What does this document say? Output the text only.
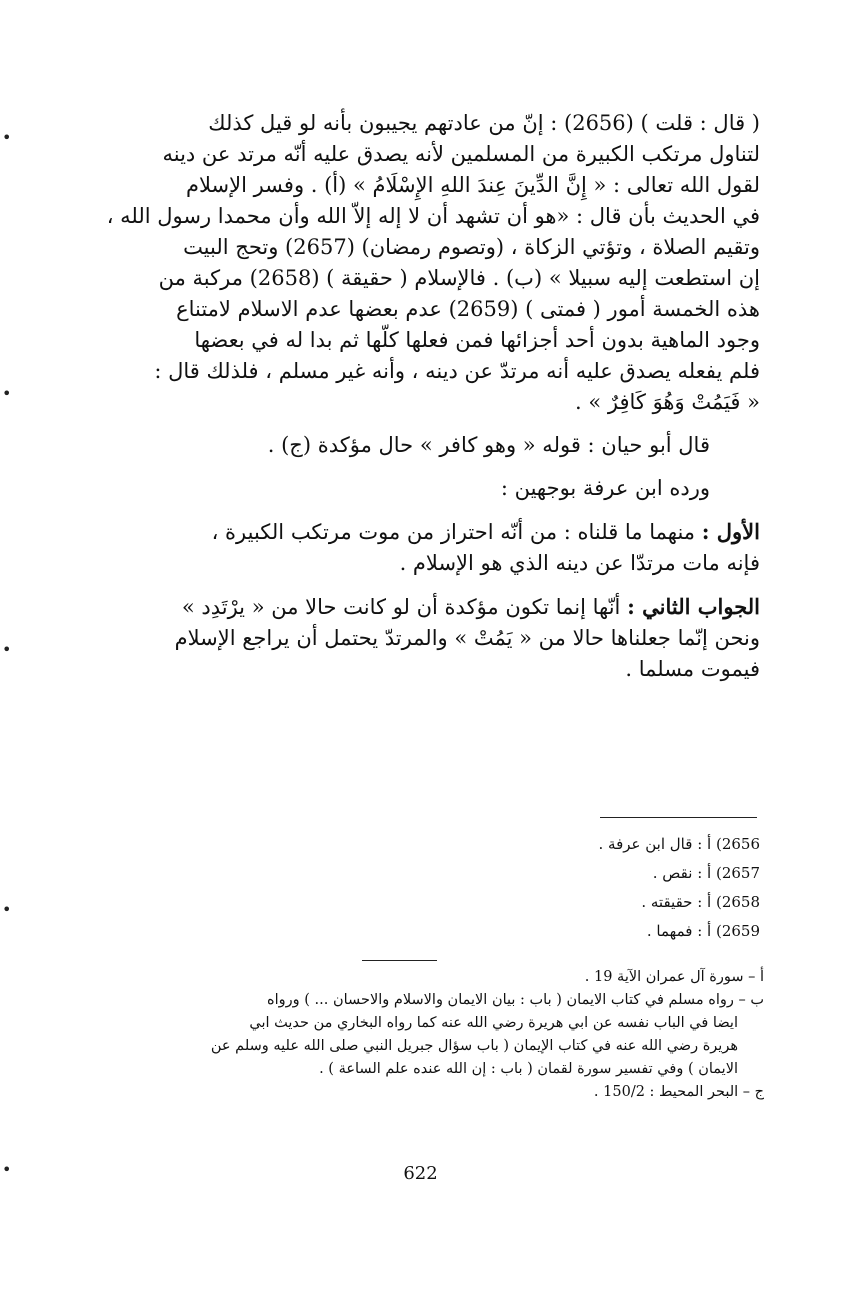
•
•
•
•
•

( قال : قلت ) (2656) : إنّ من عادتهم يجيبون بأنه لو قيل كذلك

لتناول مرتكب الكبيرة من المسلمين لأنه يصدق عليه أنّه مرتد عن دينه

لقول الله تعالى : « إِنَّ الدِّينَ عِندَ اللهِ الإِسْلَامُ » (أ) . وفسر الإسلام

في الحديث بأن قال : «هو أن تشهد أن لا إله إلاّ الله وأن محمدا رسول الله ،

وتقيم الصلاة ، وتؤتي الزكاة ، (وتصوم رمضان) (2657) وتحج البيت

إن استطعت إليه سبيلا » (ب) . فالإسلام ( حقيقة ) (2658) مركبة من

هذه الخمسة أمور ( فمتى ) (2659) عدم بعضها عدم الاسلام لامتناع

وجود الماهية بدون أحد أجزائها فمن فعلها كلّها ثم بدا له في بعضها

فلم يفعله يصدق عليه أنه مرتدّ عن دينه ، وأنه غير مسلم ، فلذلك قال :

« فَيَمُتْ وَهُوَ كَافِرٌ » .

قال أبو حيان : قوله « وهو كافر » حال مؤكدة (ج) .

ورده ابن عرفة بوجهين :

الأول : منهما ما قلناه : من أنّه احتراز من موت مرتكب الكبيرة ،

فإنه مات مرتدّا عن دينه الذي هو الإسلام .

الجواب الثاني : أنّها إنما تكون مؤكدة أن لو كانت حالا من « يرْتَدِد »

ونحن إنّما جعلناها حالا من « يَمُتْ » والمرتدّ يحتمل أن يراجع الإسلام

فيموت مسلما .

2656) أ : قال ابن عرفة .
2657) أ : نقص .
2658) أ : حقيقته .
2659) أ : فمهما .
أ – سورة آل عمران الآية 19 .
ب – رواه مسلم في كتاب الايمان ( باب : بيان الايمان والاسلام والاحسان ... ) ورواه
ايضا في الباب نفسه عن ابي هريرة رضي الله عنه كما رواه البخاري من حديث ابي
هريرة رضي الله عنه في كتاب الإيمان ( باب سؤال جبريل النبي صلى الله عليه وسلم عن
الايمان ) وفي تفسير سورة لقمان ( باب : إن الله عنده علم الساعة ) .
ج – البحر المحيط : 150/2 .
622
